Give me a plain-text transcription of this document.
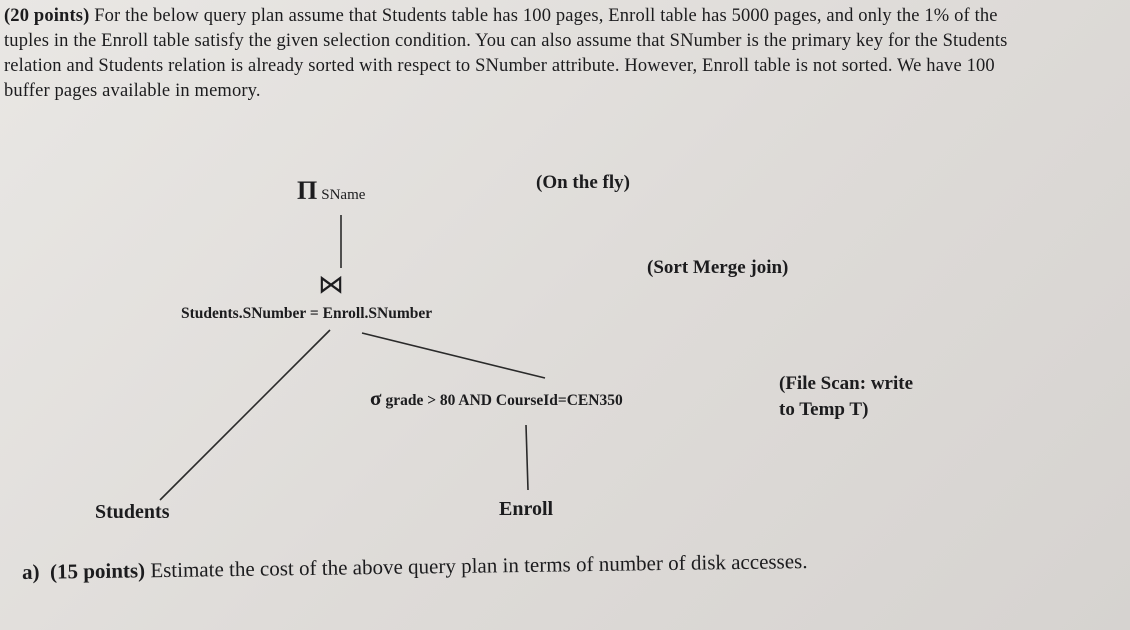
(20 points) For the below query plan assume that Students table has 100 pages, Enroll table has 5000 pages, and only the 1% of the tuples in the Enroll table satisfy the given selection condition. You can also assume that SNumber is the primary key for the Students relation and Students relation is already sorted with respect to SNumber attribute. However, Enroll table is not sorted. We have 100 buffer pages available in memory.

Π SName
(On the fly)
⋈
(Sort Merge join)
Students.SNumber = Enroll.SNumber
σ grade > 80 AND CourseId=CEN350
(File Scan: write
to Temp T)
Students	Enroll

a) (15 points) Estimate the cost of the above query plan in terms of number of disk accesses.
